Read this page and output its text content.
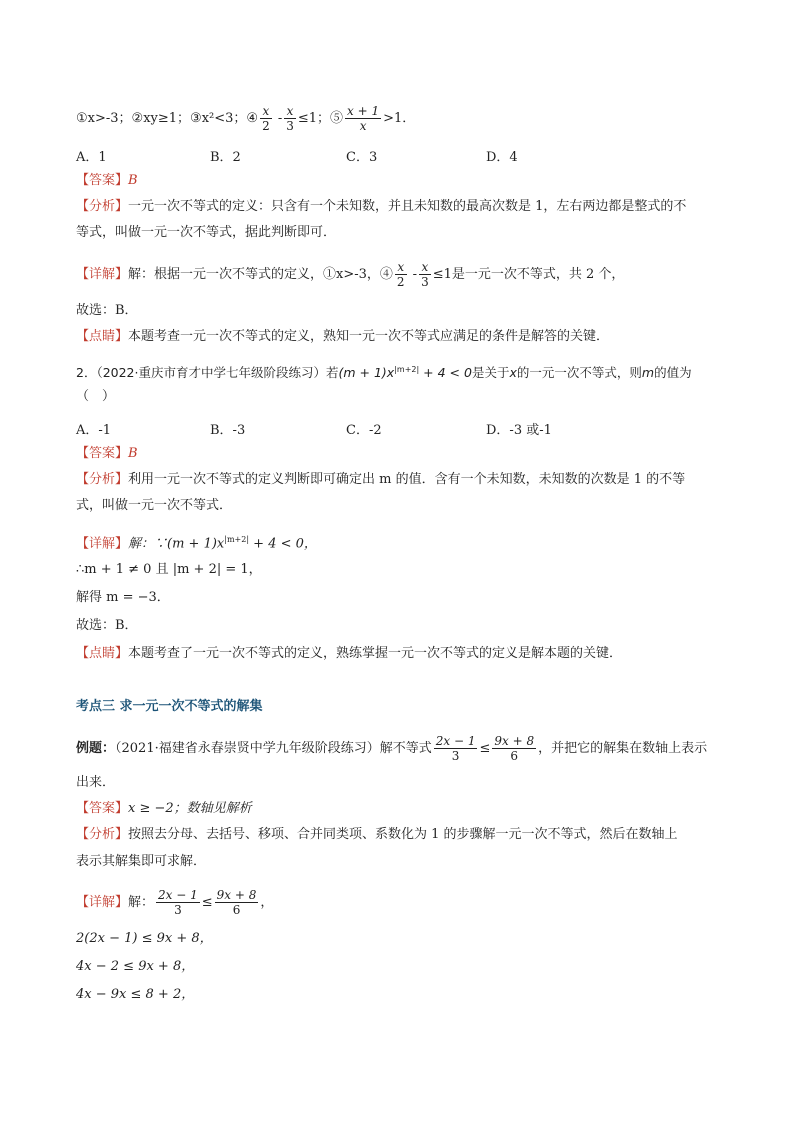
①x>-3；②xy≥1；③x²<3；④ $\frac{x}{2} - \frac{x}{3} \le 1$；⑤ $\frac{x + 1}{x} >1$．
A．1	B．2	C．3	D．4
【答案】B
【分析】一元一次不等式的定义：只含有一个未知数，并且未知数的最高次数是 1，左右两边都是整式的不
等式，叫做一元一次不等式，据此判断即可．
【详解】解：根据一元一次不等式的定义，①x>-3，④ $\frac{x}{2} - \frac{x}{3} \le 1$是一元一次不等式，共 2 个，
故选：B．
【点睛】本题考查一元一次不等式的定义，熟知一元一次不等式应满足的条件是解答的关键．
2．（2022·重庆市育才中学七年级阶段练习）若$(m + 1)x^{|m+2|} + 4 < 0$是关于x的一元一次不等式，则m的值为
（　）
A．-1	B．-3	C．-2	D．-3 或-1
【答案】B
【分析】利用一元一次不等式的定义判断即可确定出 m 的值．含有一个未知数，未知数的次数是 1 的不等
式，叫做一元一次不等式．
【详解】解：∵(m + $1)x^{|m+2|} + 4 < 0$，
∴m + 1 ≠ 0 且 |m + 2| = 1，
解得 m = −3．
故选：B．
【点睛】本题考查了一元一次不等式的定义，熟练掌握一元一次不等式的定义是解本题的关键．
考点三 求一元一次不等式的解集
例题：（2021·福建省永春崇贤中学九年级阶段练习）解不等式 $\frac{2x - 1}{3} \le \frac{9x + 8}{6}$ ，并把它的解集在数轴上表示
出来．
【答案】x ≥ −2；数轴见解析
【分析】按照去分母、去括号、移项、合并同类项、系数化为 1 的步骤解一元一次不等式，然后在数轴上
表示其解集即可求解．
【详解】解： $\frac{2x - 1}{3} \le \frac{9x + 8}{6}$ ，
2(2x − 1) ≤ 9x + 8，
4x − 2 ≤ 9x + 8，
4x − 9x ≤ 8 + 2，
